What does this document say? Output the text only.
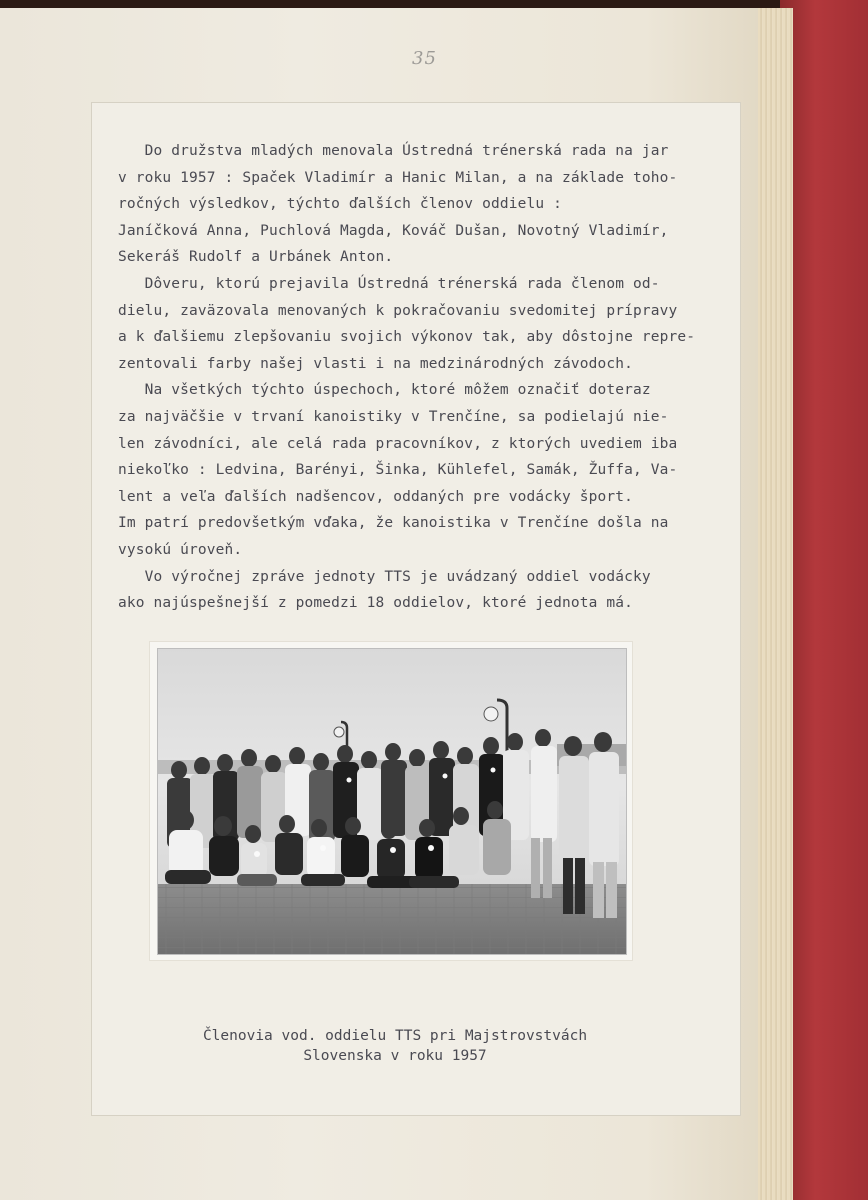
35

Do družstva mladých menovala Ústredná trénerská rada na jar
v roku 1957 : Spaček Vladimír a Hanic Milan, a na základe toho-
ročných výsledkov, týchto ďalších členov oddielu :
Janíčková Anna, Puchlová Magda, Kováč Dušan, Novotný Vladimír,
Sekeráš Rudolf a Urbánek Anton.

Dôveru, ktorú prejavila Ústredná trénerská rada členom od-
dielu, zaväzovala menovaných k pokračovaniu svedomitej prípravy
a k ďalšiemu zlepšovaniu svojich výkonov tak, aby dôstojne repre-
zentovali farby našej vlasti i na medzinárodných závodoch.

Na všetkých týchto úspechoch, ktoré môžem označiť doteraz
za najväčšie v trvaní kanoistiky v Trenčíne, sa podielajú nie-
len závodníci, ale celá rada pracovníkov, z ktorých uvediem iba
niekoľko : Ledvina, Barényi, Šinka, Kühlefel, Samák, Žuffa, Va-
lent a veľa ďalších nadšencov, oddaných pre vodácky šport.
Im patrí predovšetkým vďaka, že kanoistika v Trenčíne došla na
vysokú úroveň.

Vo výročnej zpráve jednoty TTS je uvádzaný oddiel vodácky
ako najúspešnejší z pomedzi 18 oddielov, ktoré jednota má.

Členovia vod. oddielu TTS pri Majstrovstvách
Slovenska v roku 1957
